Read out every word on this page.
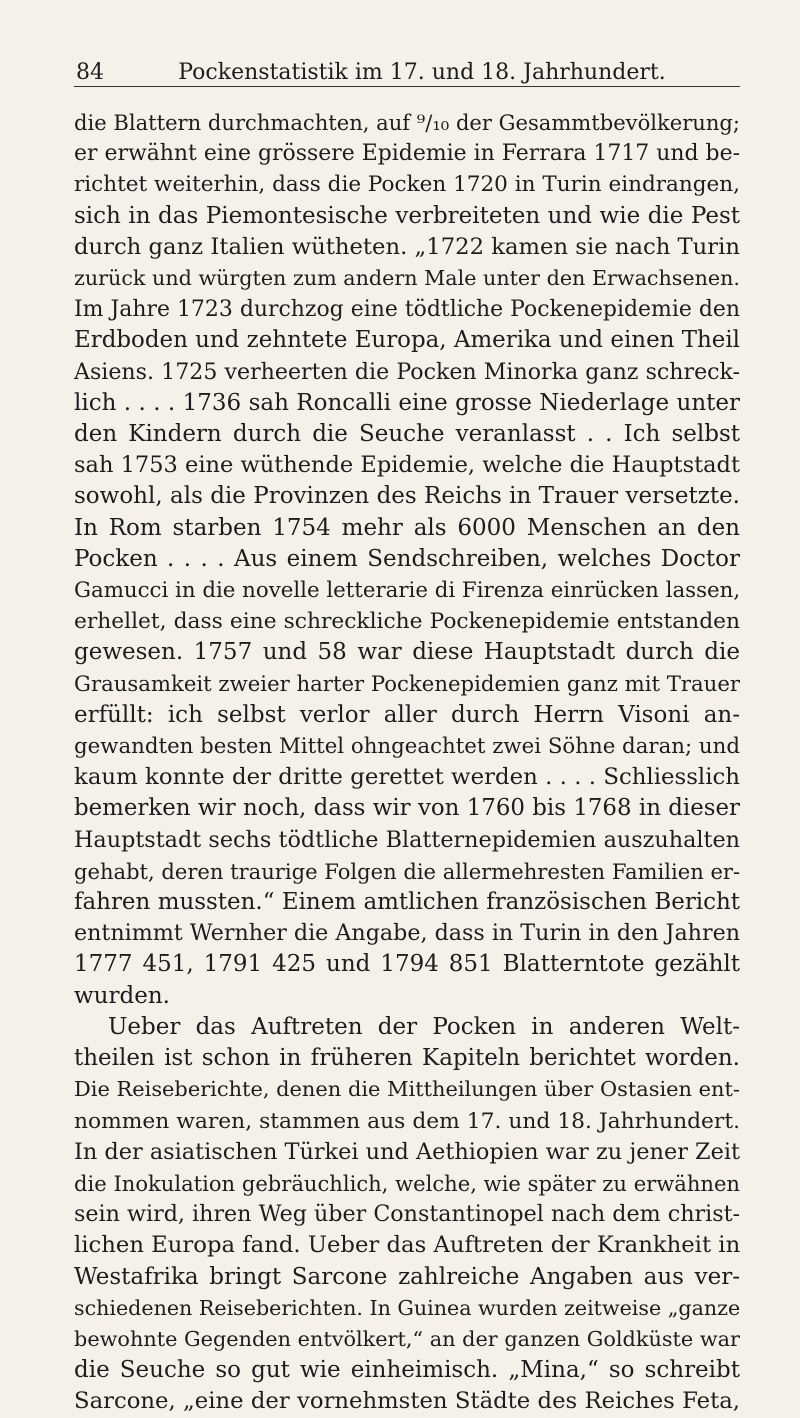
84	Pockenstatistik im 17. und 18. Jahrhundert.
die Blattern durchmachten, auf ⁹/₁₀ der Gesammtbevölkerung;
er erwähnt eine grössere Epidemie in Ferrara 1717 und be-
richtet weiterhin, dass die Pocken 1720 in Turin eindrangen,
sich in das Piemontesische verbreiteten und wie die Pest
durch ganz Italien wütheten. „1722 kamen sie nach Turin
zurück und würgten zum andern Male unter den Erwachsenen.
Im Jahre 1723 durchzog eine tödtliche Pockenepidemie den
Erdboden und zehntete Europa, Amerika und einen Theil
Asiens. 1725 verheerten die Pocken Minorka ganz schreck-
lich . . . . 1736 sah Roncalli eine grosse Niederlage unter
den Kindern durch die Seuche veranlasst . . Ich selbst
sah 1753 eine wüthende Epidemie, welche die Hauptstadt
sowohl, als die Provinzen des Reichs in Trauer versetzte.
In Rom starben 1754 mehr als 6000 Menschen an den
Pocken . . . . Aus einem Sendschreiben, welches Doctor
Gamucci in die novelle letterarie di Firenza einrücken lassen,
erhellet, dass eine schreckliche Pockenepidemie entstanden
gewesen. 1757 und 58 war diese Hauptstadt durch die
Grausamkeit zweier harter Pockenepidemien ganz mit Trauer
erfüllt: ich selbst verlor aller durch Herrn Visoni an-
gewandten besten Mittel ohngeachtet zwei Söhne daran; und
kaum konnte der dritte gerettet werden . . . . Schliesslich
bemerken wir noch, dass wir von 1760 bis 1768 in dieser
Hauptstadt sechs tödtliche Blatternepidemien auszuhalten
gehabt, deren traurige Folgen die allermehresten Familien er-
fahren mussten.“ Einem amtlichen französischen Bericht
entnimmt Wernher die Angabe, dass in Turin in den Jahren
1777 451, 1791 425 und 1794 851 Blatterntote gezählt
wurden.
Ueber das Auftreten der Pocken in anderen Welt-
theilen ist schon in früheren Kapiteln berichtet worden.
Die Reiseberichte, denen die Mittheilungen über Ostasien ent-
nommen waren, stammen aus dem 17. und 18. Jahrhundert.
In der asiatischen Türkei und Aethiopien war zu jener Zeit
die Inokulation gebräuchlich, welche, wie später zu erwähnen
sein wird, ihren Weg über Constantinopel nach dem christ-
lichen Europa fand. Ueber das Auftreten der Krankheit in
Westafrika bringt Sarcone zahlreiche Angaben aus ver-
schiedenen Reiseberichten. In Guinea wurden zeitweise „ganze
bewohnte Gegenden entvölkert,“ an der ganzen Goldküste war
die Seuche so gut wie einheimisch. „Mina,“ so schreibt
Sarcone, „eine der vornehmsten Städte des Reiches Feta,
